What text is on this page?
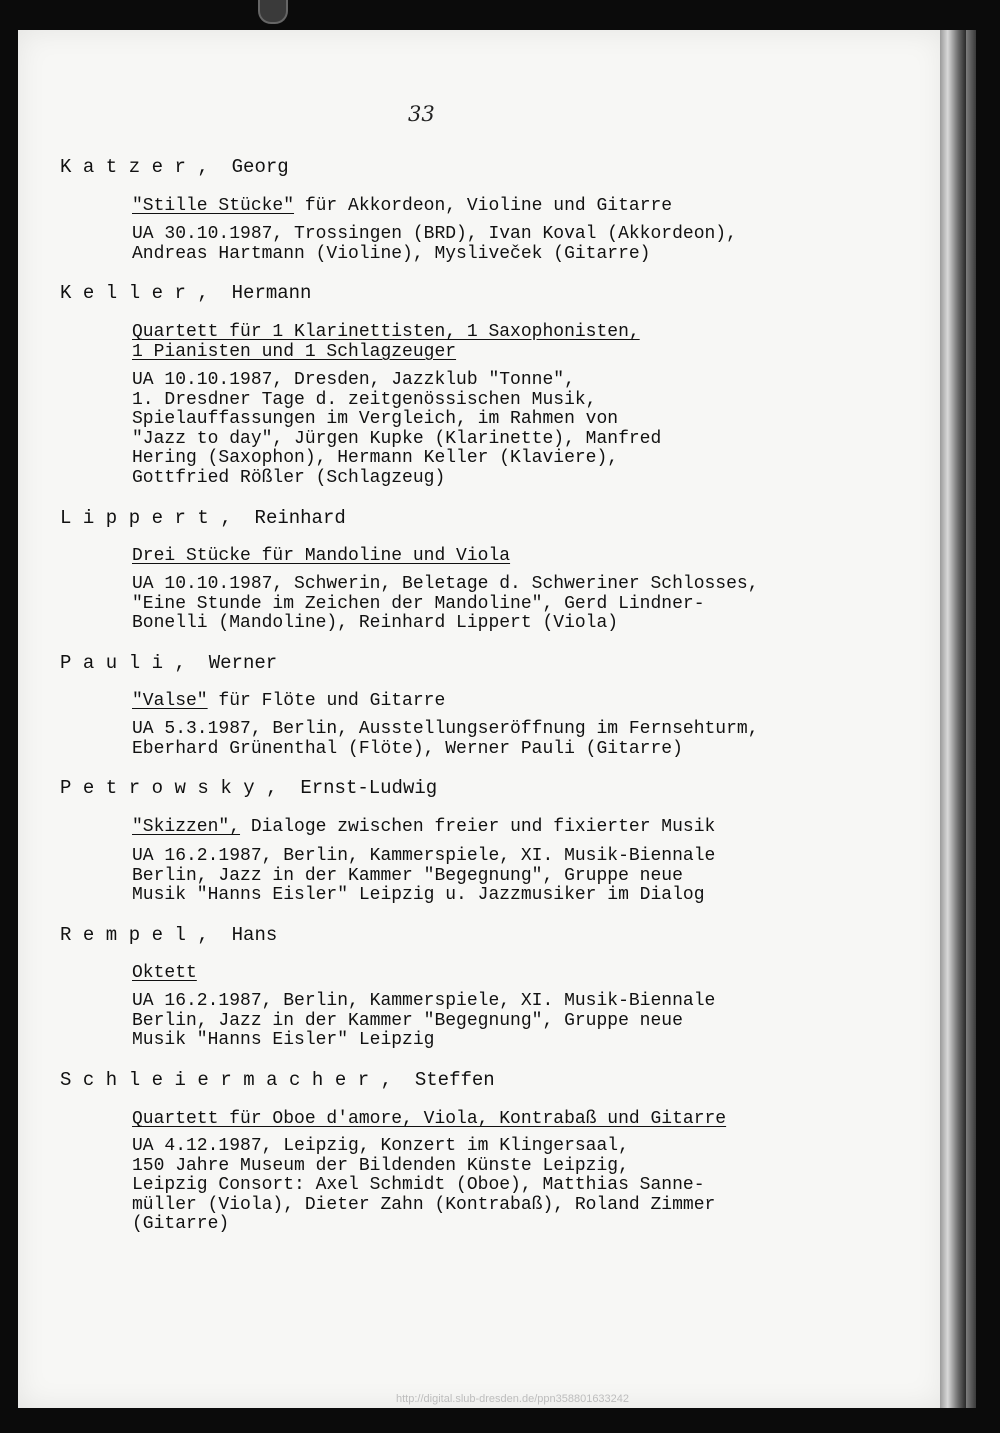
33
Katzer,  Georg
"Stille Stücke" für Akkordeon, Violine und Gitarre
UA 30.10.1987, Trossingen (BRD), Ivan Koval (Akkordeon),
Andreas Hartmann (Violine), Mysliveček (Gitarre)
Keller,  Hermann
Quartett für 1 Klarinettisten, 1 Saxophonisten,
1 Pianisten und 1 Schlagzeuger
UA 10.10.1987, Dresden, Jazzklub "Tonne",
1. Dresdner Tage d. zeitgenössischen Musik,
Spielauffassungen im Vergleich, im Rahmen von
"Jazz to day", Jürgen Kupke (Klarinette), Manfred
Hering (Saxophon), Hermann Keller (Klaviere),
Gottfried Rößler (Schlagzeug)
Lippert,  Reinhard
Drei Stücke für Mandoline und Viola
UA 10.10.1987, Schwerin, Beletage d. Schweriner Schlosses,
"Eine Stunde im Zeichen der Mandoline", Gerd Lindner-
Bonelli (Mandoline), Reinhard Lippert (Viola)
Pauli,  Werner
"Valse" für Flöte und Gitarre
UA 5.3.1987, Berlin, Ausstellungseröffnung im Fernsehturm,
Eberhard Grünenthal (Flöte), Werner Pauli (Gitarre)
Petrowsky,  Ernst-Ludwig
"Skizzen", Dialoge zwischen freier und fixierter Musik
UA 16.2.1987, Berlin, Kammerspiele, XI. Musik-Biennale
Berlin, Jazz in der Kammer "Begegnung", Gruppe neue
Musik "Hanns Eisler" Leipzig u. Jazzmusiker im Dialog
Rempel,  Hans
Oktett
UA 16.2.1987, Berlin, Kammerspiele, XI. Musik-Biennale
Berlin, Jazz in der Kammer "Begegnung", Gruppe neue
Musik "Hanns Eisler" Leipzig
Schleiermacher,  Steffen
Quartett für Oboe d'amore, Viola, Kontrabaß und Gitarre
UA 4.12.1987, Leipzig, Konzert im Klingersaal,
150 Jahre Museum der Bildenden Künste Leipzig,
Leipzig Consort: Axel Schmidt (Oboe), Matthias Sanne-
müller (Viola), Dieter Zahn (Kontrabaß), Roland Zimmer
(Gitarre)
http://digital.slub-dresden.de/ppn358801633242
